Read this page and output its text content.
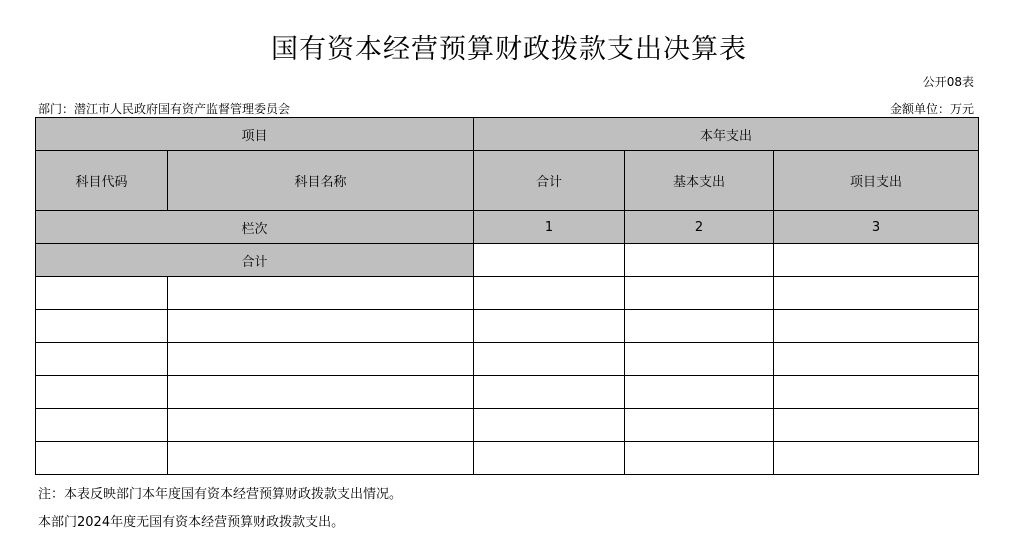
国有资本经营预算财政拨款支出决算表
公开08表
部门：潜江市人民政府国有资产监督管理委员会	金额单位：万元
项目		本年支出		
科目代码	科目名称	合计	基本支出	项目支出
栏次		1	2	3
合计				

注：本表反映部门本年度国有资本经营预算财政拨款支出情况。
本部门2024年度无国有资本经营预算财政拨款支出。
